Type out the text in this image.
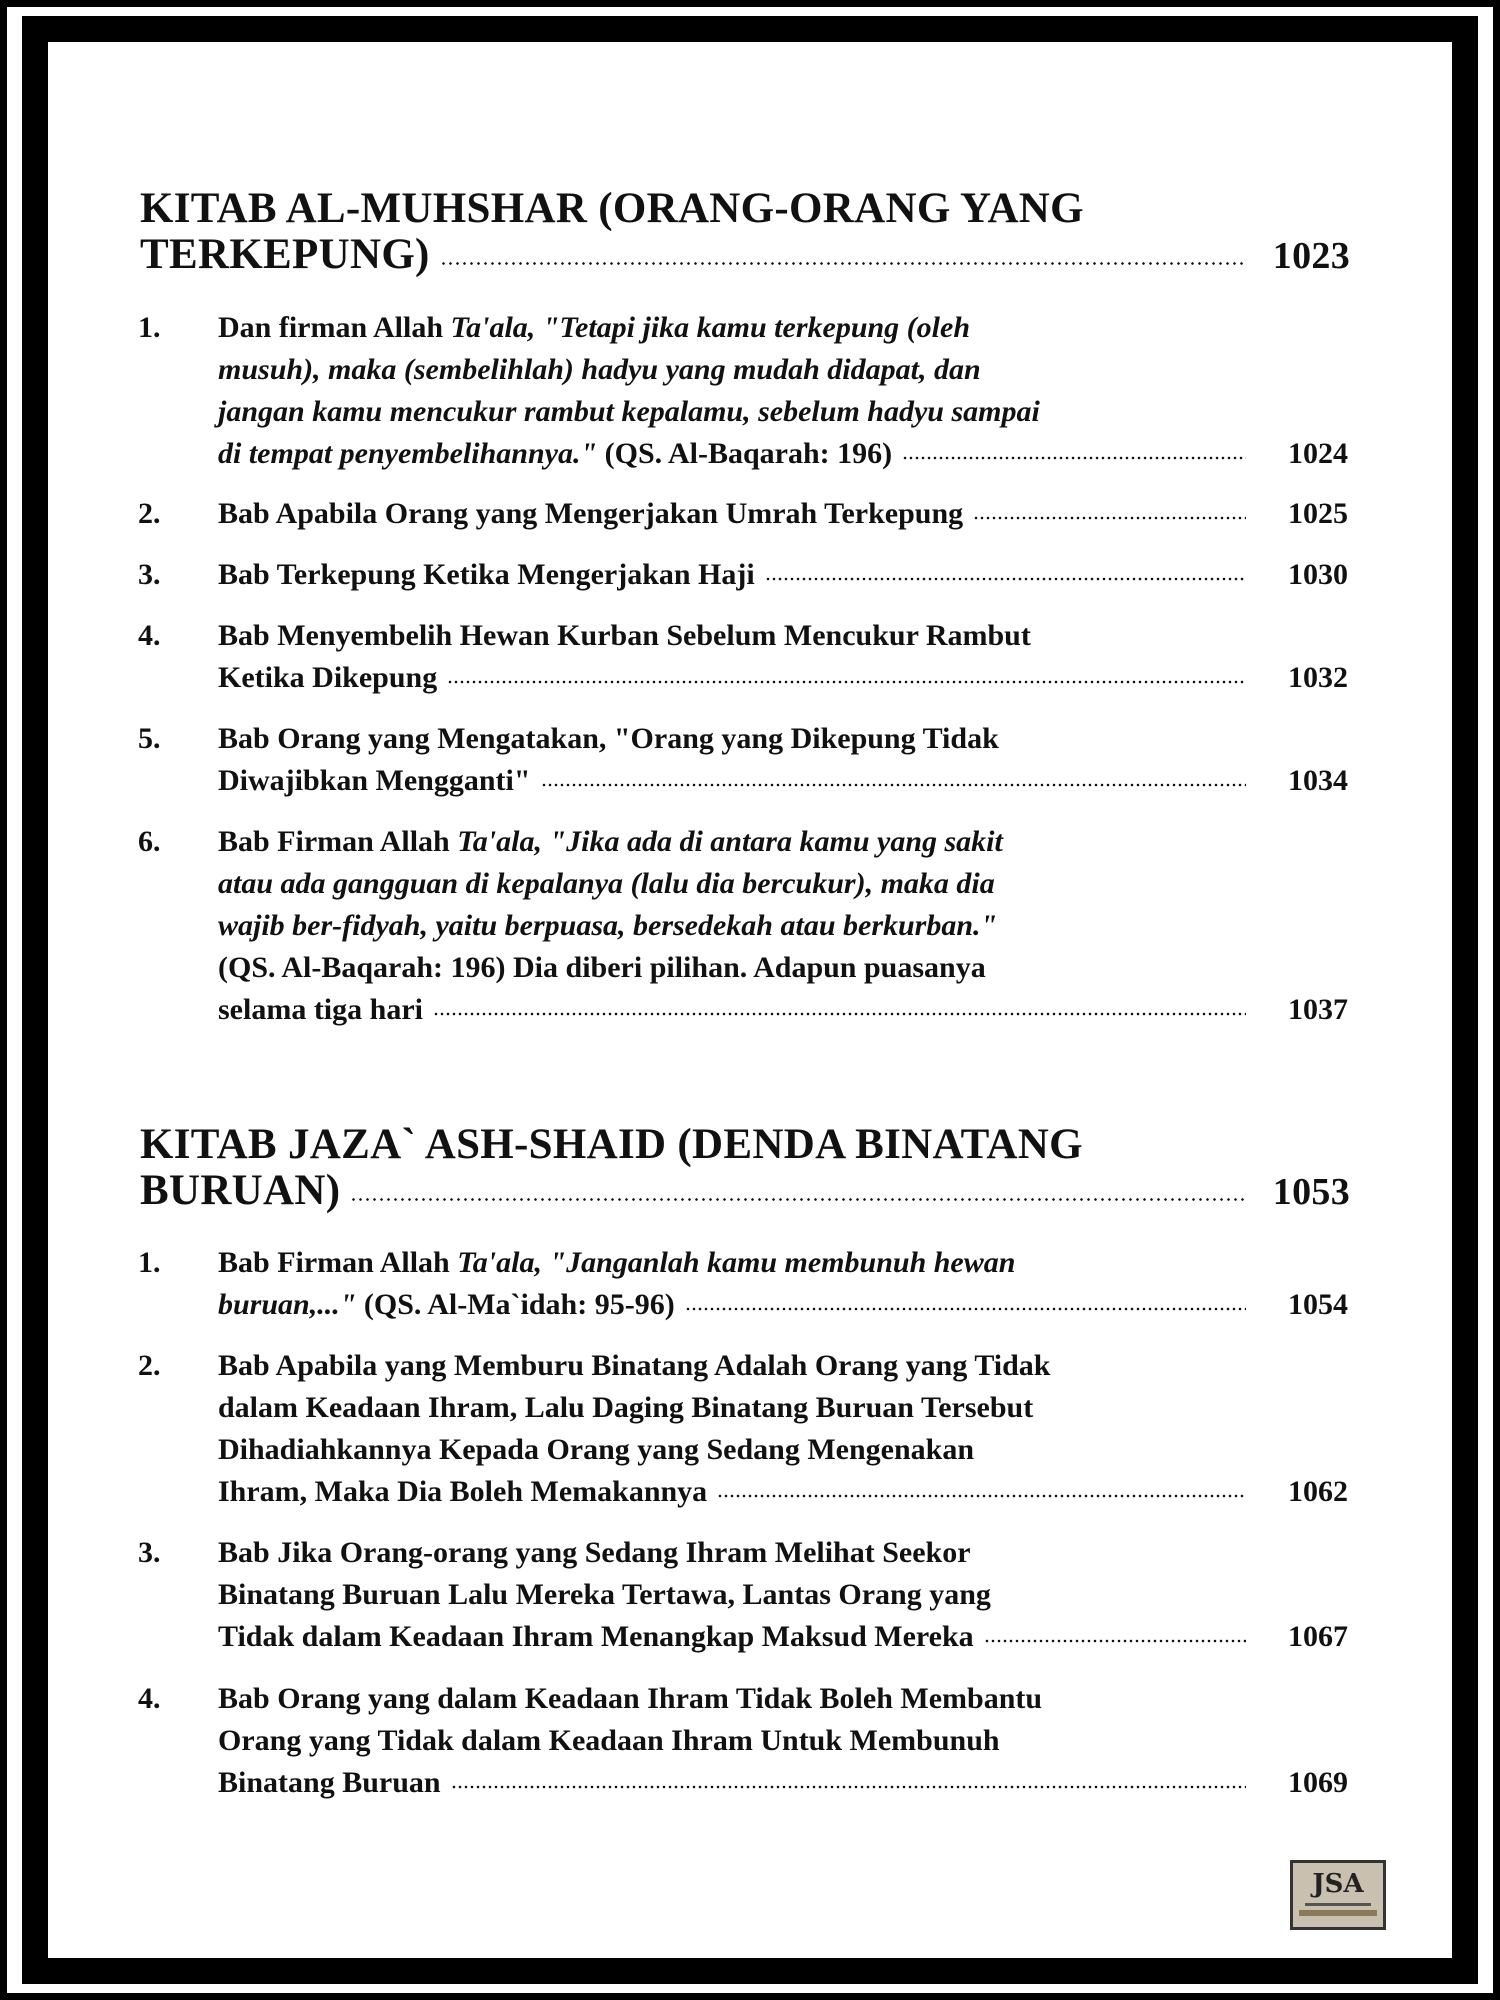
KITAB AL-MUHSHAR (ORANG-ORANG YANG
TERKEPUNG)	1023
1.	Dan firman Allah Ta'ala, "Tetapi jika kamu terkepung (oleh
musuh), maka (sembelihlah) hadyu yang mudah didapat, dan
jangan kamu mencukur rambut kepalamu, sebelum hadyu sampai
di tempat penyembelihannya." (QS. Al-Baqarah: 196)	1024
2.	Bab Apabila Orang yang Mengerjakan Umrah Terkepung	1025
3.	Bab Terkepung Ketika Mengerjakan Haji	1030
4.	Bab Menyembelih Hewan Kurban Sebelum Mencukur Rambut
Ketika Dikepung	1032
5.	Bab Orang yang Mengatakan, "Orang yang Dikepung Tidak
Diwajibkan Mengganti"	1034
6.	Bab Firman Allah Ta'ala, "Jika ada di antara kamu yang sakit
atau ada gangguan di kepalanya (lalu dia bercukur), maka dia
wajib ber-fidyah, yaitu berpuasa, bersedekah atau berkurban."
(QS. Al-Baqarah: 196) Dia diberi pilihan. Adapun puasanya
selama tiga hari	1037
KITAB JAZA` ASH-SHAID (DENDA BINATANG
BURUAN)	1053
1.	Bab Firman Allah Ta'ala, "Janganlah kamu membunuh hewan
buruan,..." (QS. Al-Ma`idah: 95-96)	1054
2.	Bab Apabila yang Memburu Binatang Adalah Orang yang Tidak
dalam Keadaan Ihram, Lalu Daging Binatang Buruan Tersebut
Dihadiahkannya Kepada Orang yang Sedang Mengenakan
Ihram, Maka Dia Boleh Memakannya	1062
3.	Bab Jika Orang-orang yang Sedang Ihram Melihat Seekor
Binatang Buruan Lalu Mereka Tertawa, Lantas Orang yang
Tidak dalam Keadaan Ihram Menangkap Maksud Mereka	1067
4.	Bab Orang yang dalam Keadaan Ihram Tidak Boleh Membantu
Orang yang Tidak dalam Keadaan Ihram Untuk Membunuh
Binatang Buruan	1069
JSA
